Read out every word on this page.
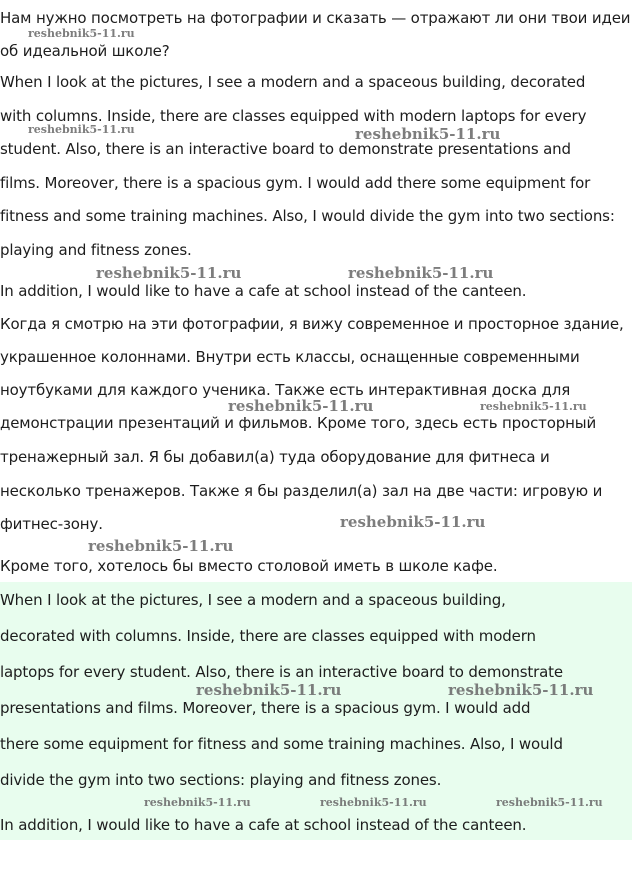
Нам нужно посмотреть на фотографии и сказать — отражают ли они твои идеи
об идеальной школе?
When I look at the pictures, I see a modern and a spaceous building, decorated
with columns. Inside, there are classes equipped with modern laptops for every
student. Also, there is an interactive board to demonstrate presentations and
films. Moreover, there is a spacious gym. I would add there some equipment for
fitness and some training machines. Also, I would divide the gym into two sections:
playing and fitness zones.
In addition, I would like to have a cafe at school instead of the canteen.
Когда я смотрю на эти фотографии, я вижу современное и просторное здание,
украшенное колоннами. Внутри есть классы, оснащенные современными
ноутбуками для каждого ученика. Также есть интерактивная доска для
демонстрации презентаций и фильмов. Кроме того, здесь есть просторный
тренажерный зал. Я бы добавил(а) туда оборудование для фитнеса и
несколько тренажеров. Также я бы разделил(а) зал на две части: игровую и
фитнес-зону.
Кроме того, хотелось бы вместо столовой иметь в школе кафе.
When I look at the pictures, I see a modern and a spaceous building,
decorated with columns. Inside, there are classes equipped with modern
laptops for every student. Also, there is an interactive board to demonstrate
presentations and films. Moreover, there is a spacious gym. I would add
there some equipment for fitness and some training machines. Also, I would
divide the gym into two sections: playing and fitness zones.
In addition, I would like to have a cafe at school instead of the canteen.
reshebnik5-11.ru
reshebnik5-11.ru	reshebnik5-11.ru
reshebnik5-11.ru	reshebnik5-11.ru
reshebnik5-11.ru	reshebnik5-11.ru
reshebnik5-11.ru
reshebnik5-11.ru
reshebnik5-11.ru	reshebnik5-11.ru
reshebnik5-11.ru	reshebnik5-11.ru	reshebnik5-11.ru
